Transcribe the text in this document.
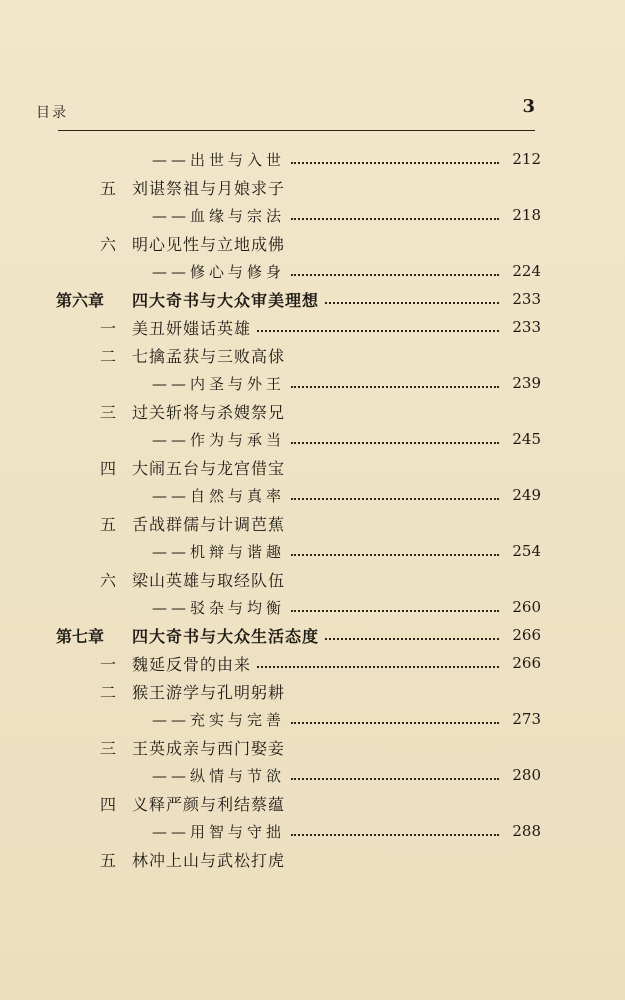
目录	3
——出世与入世	212
五 刘谌祭祖与月娘求子
——血缘与宗法	218
六 明心见性与立地成佛
——修心与修身	224
第六章	四大奇书与大众审美理想	233
一 美丑妍媸话英雄	233
二 七擒孟获与三败高俅
——内圣与外王	239
三 过关斩将与杀嫂祭兄
——作为与承当	245
四 大闹五台与龙宫借宝
——自然与真率	249
五 舌战群儒与计调芭蕉
——机辩与谐趣	254
六 梁山英雄与取经队伍
——驳杂与均衡	260
第七章	四大奇书与大众生活态度	266
一 魏延反骨的由来	266
二 猴王游学与孔明躬耕
——充实与完善	273
三 王英成亲与西门娶妾
——纵情与节欲	280
四 义释严颜与利结蔡蕴
——用智与守拙	288
五 林冲上山与武松打虎
